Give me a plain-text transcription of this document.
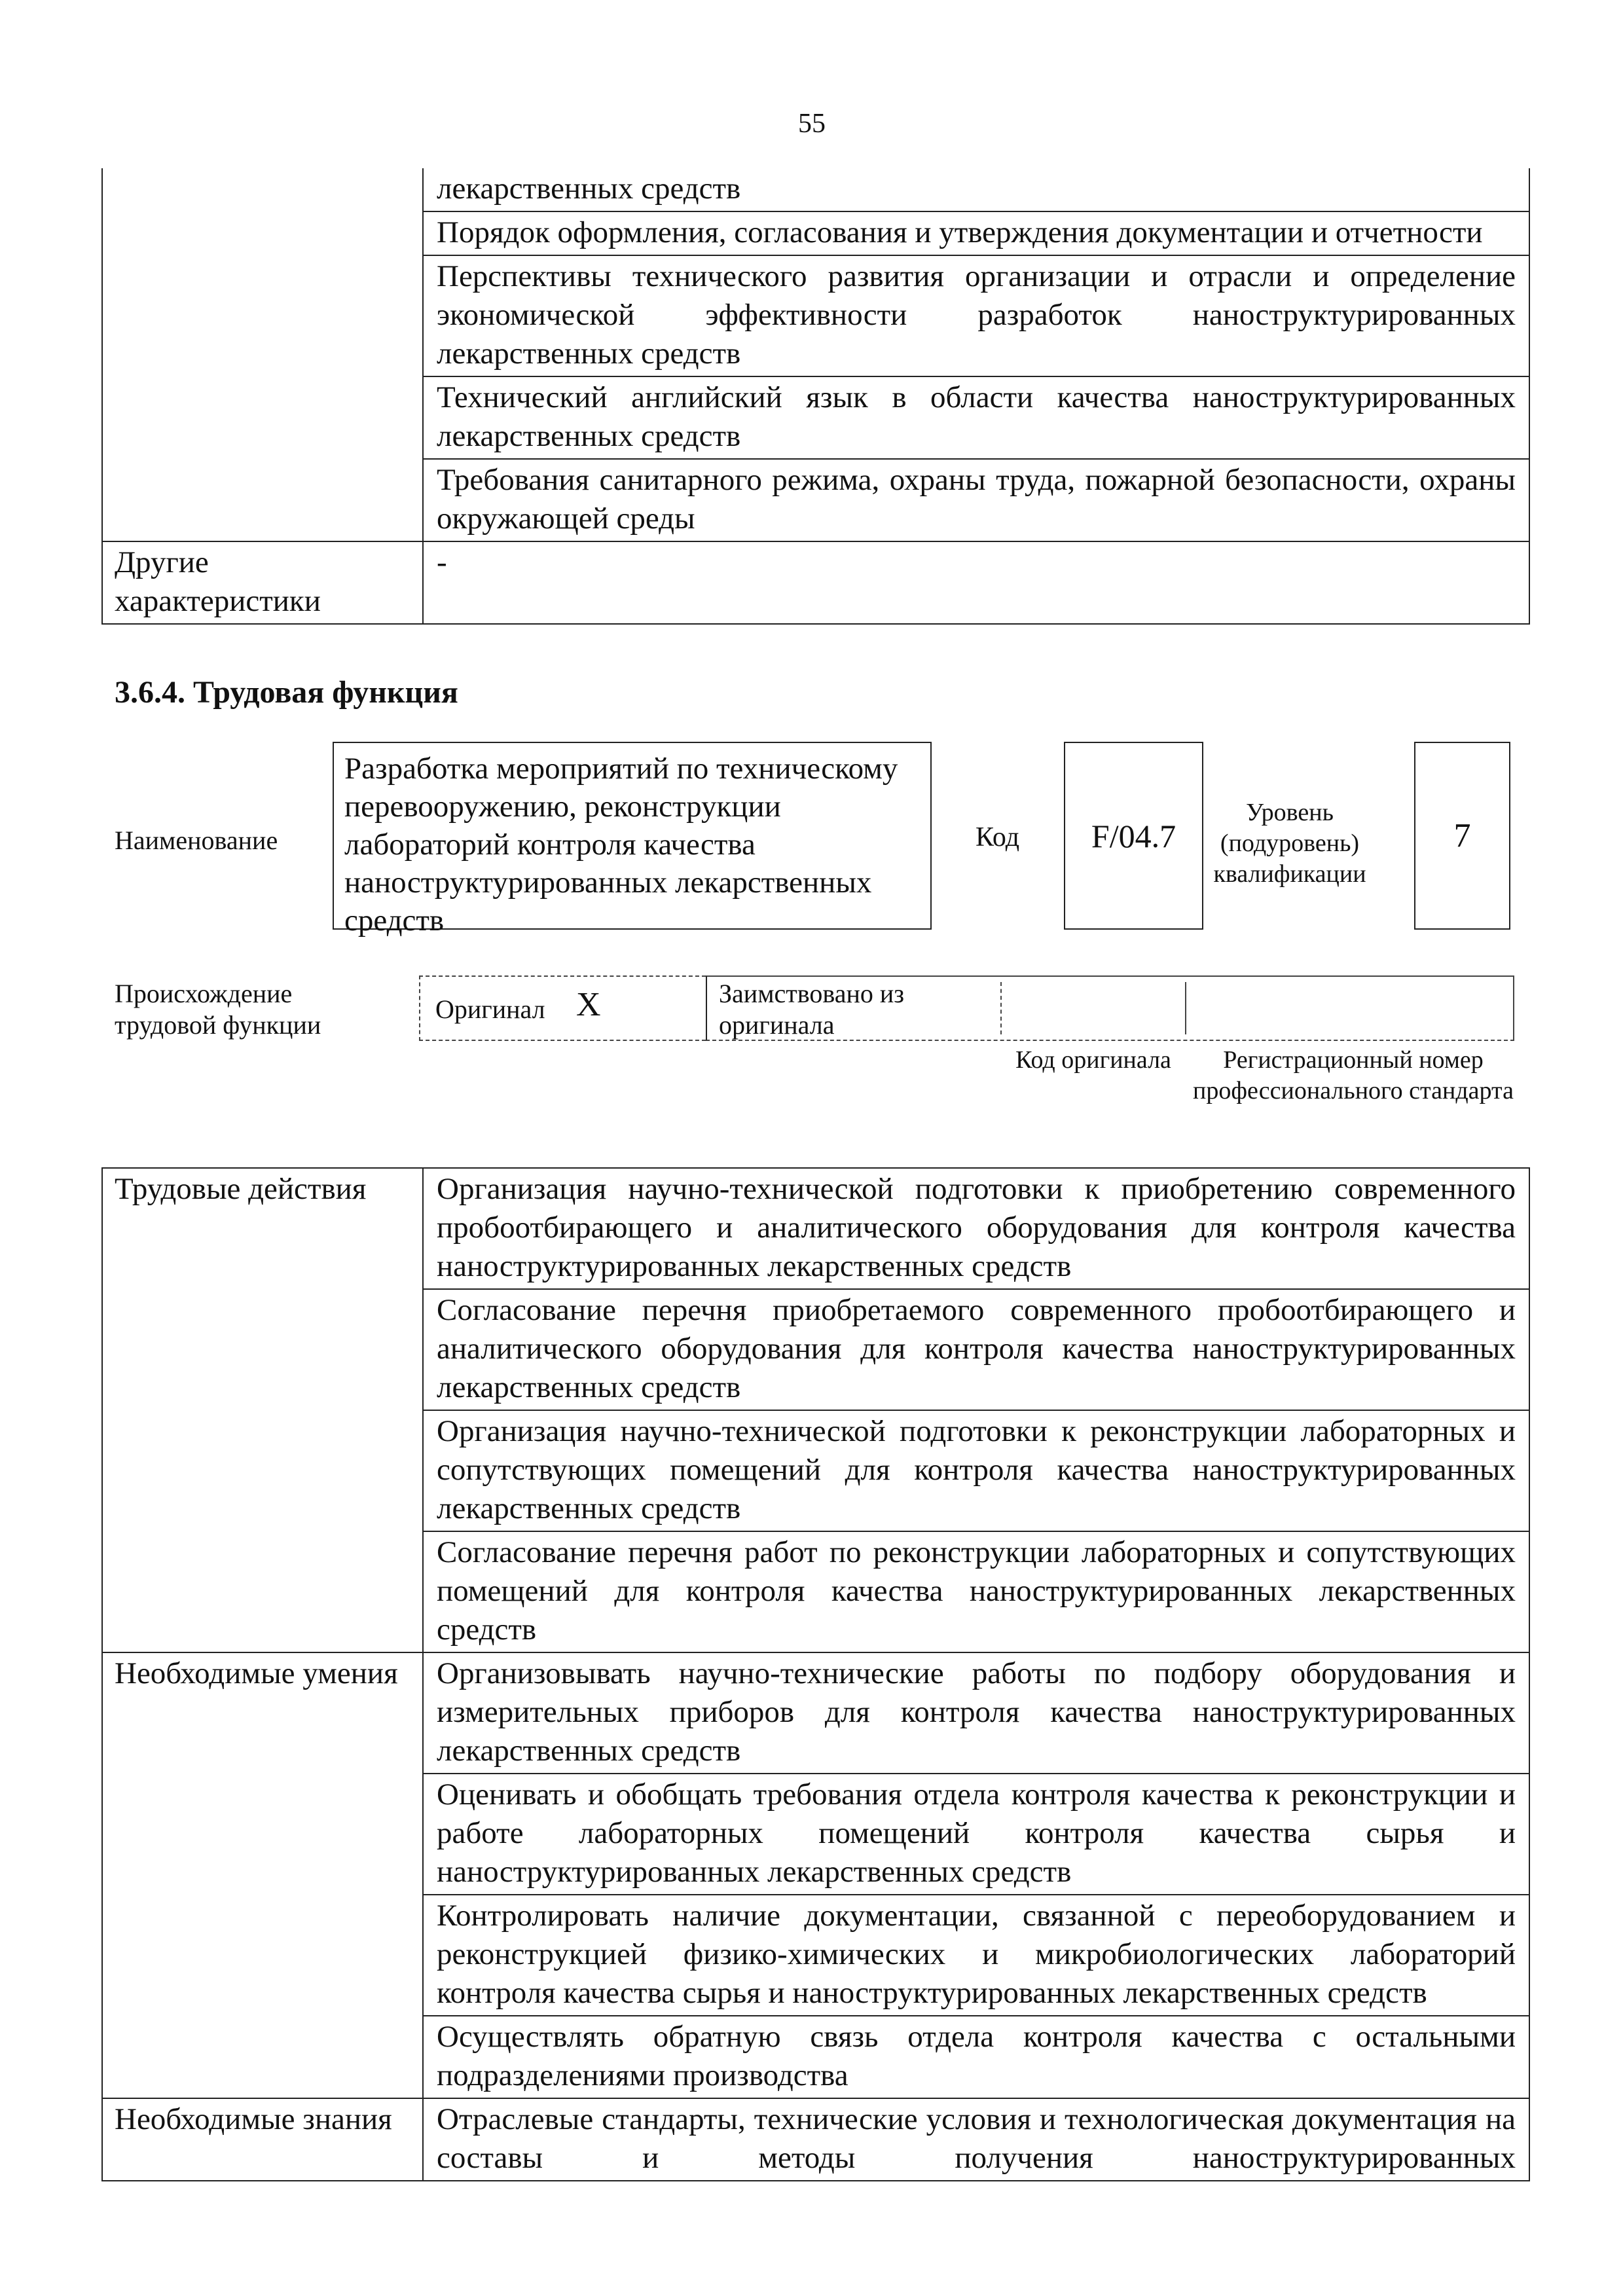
55
	лекарственных средств
	Порядок оформления, согласования и утверждения документации и отчетности
	Перспективы технического развития организации и отрасли и определение экономической эффективности разработок наноструктурированных лекарственных средств
	Технический английский язык в области качества наноструктурированных лекарственных средств
	Требования санитарного режима, охраны труда, пожарной безопасности, охраны окружающей среды
Другие характеристики	-
3.6.4. Трудовая функция
Наименование
Разработка мероприятий по техническому перевооружению, реконструкции лабораторий контроля качества наноструктурированных лекарственных средств
Код	F/04.7
Уровень (подуровень) квалификации
7
Происхождение трудовой функции
Оригинал X	Заимствовано из оригинала
Код оригинала	Регистрационный номер профессионального стандарта
Трудовые действия	Организация научно-технической подготовки к приобретению современного пробоотбирающего и аналитического оборудования для контроля качества наноструктурированных лекарственных средств
	Согласование перечня приобретаемого современного пробоотбирающего и аналитического оборудования для контроля качества наноструктурированных лекарственных средств
	Организация научно-технической подготовки к реконструкции лабораторных и сопутствующих помещений для контроля качества наноструктурированных лекарственных средств
	Согласование перечня работ по реконструкции лабораторных и сопутствующих помещений для контроля качества наноструктурированных лекарственных средств
Необходимые умения	Организовывать научно-технические работы по подбору оборудования и измерительных приборов для контроля качества наноструктурированных лекарственных средств
	Оценивать и обобщать требования отдела контроля качества к реконструкции и работе лабораторных помещений контроля качества сырья и наноструктурированных лекарственных средств
	Контролировать наличие документации, связанной с переоборудованием и реконструкцией физико-химических и микробиологических лабораторий контроля качества сырья и наноструктурированных лекарственных средств
	Осуществлять обратную связь отдела контроля качества с остальными подразделениями производства
Необходимые знания	Отраслевые стандарты, технические условия и технологическая документация на составы и методы получения наноструктурированных
